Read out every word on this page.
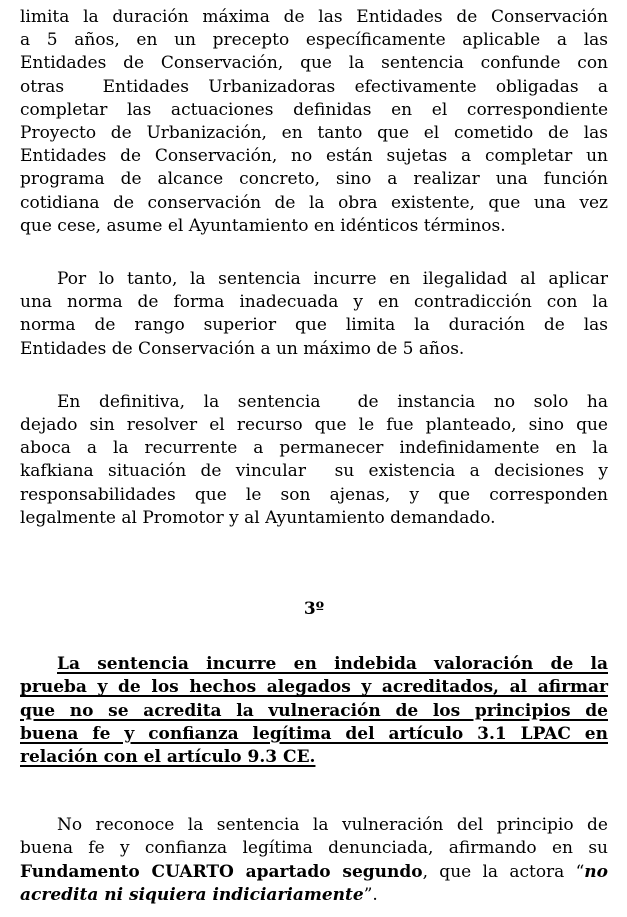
limita la duración máxima de las Entidades de Conservación
a 5 años, en un precepto específicamente aplicable a las
Entidades de Conservación, que la sentencia confunde con
otras  Entidades Urbanizadoras efectivamente obligadas a
completar las actuaciones definidas en el correspondiente
Proyecto de Urbanización, en tanto que el cometido de las
Entidades de Conservación, no están sujetas a completar un
programa de alcance concreto, sino a realizar una función
cotidiana de conservación de la obra existente, que una vez
que cese, asume el Ayuntamiento en idénticos términos.

Por lo tanto, la sentencia incurre en ilegalidad al aplicar
una norma de forma inadecuada y en contradicción con la
norma de rango superior que limita la duración de las
Entidades de Conservación a un máximo de 5 años.

En definitiva, la sentencia  de instancia no solo ha
dejado sin resolver el recurso que le fue planteado, sino que
aboca a la recurrente a permanecer indefinidamente en la
kafkiana situación de vincular  su existencia a decisiones y
responsabilidades que le son ajenas, y que corresponden
legalmente al Promotor y al Ayuntamiento demandado.

3º

La sentencia incurre en indebida valoración de la
prueba y de los hechos alegados y acreditados, al afirmar
que no se acredita la vulneración de los principios de
buena fe y confianza legítima del artículo 3.1 LPAC en
relación con el artículo 9.3 CE.

No reconoce la sentencia la vulneración del principio de
buena fe y confianza legítima denunciada, afirmando en su
Fundamento CUARTO apartado segundo, que la actora “no
acredita ni siquiera indiciariamente”.
